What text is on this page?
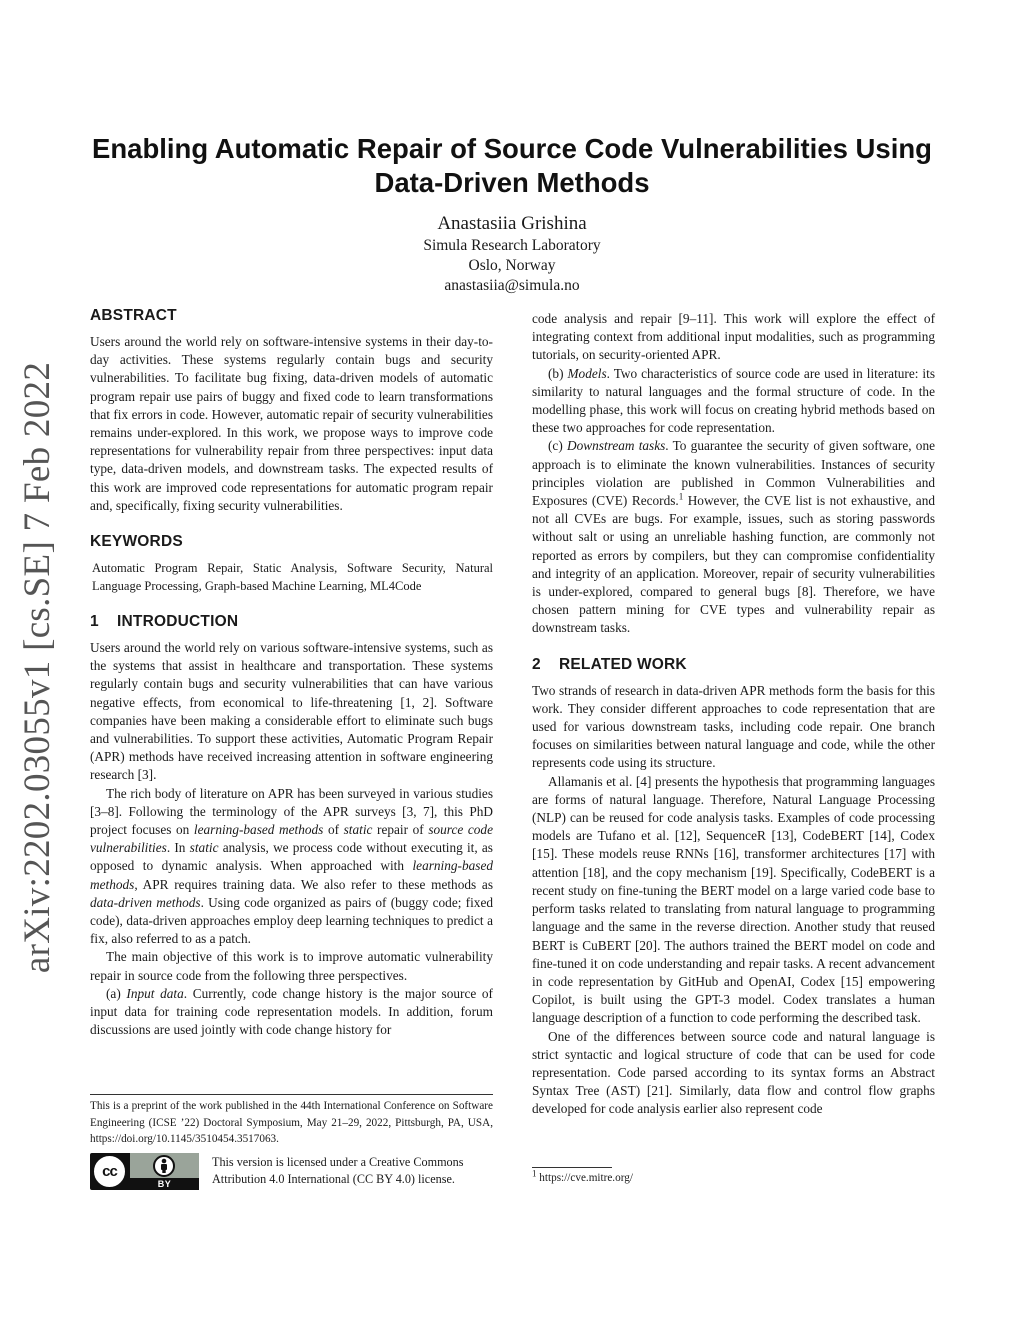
arXiv:2202.03055v1 [cs.SE] 7 Feb 2022
Enabling Automatic Repair of Source Code Vulnerabilities Using Data-Driven Methods
Anastasiia Grishina
Simula Research Laboratory
Oslo, Norway
anastasiia@simula.no
ABSTRACT

Users around the world rely on software-intensive systems in their day-to-day activities. These systems regularly contain bugs and security vulnerabilities. To facilitate bug fixing, data-driven models of automatic program repair use pairs of buggy and fixed code to learn transformations that fix errors in code. However, automatic repair of security vulnerabilities remains under-explored. In this work, we propose ways to improve code representations for vulnerability repair from three perspectives: input data type, data-driven models, and downstream tasks. The expected results of this work are improved code representations for automatic program repair and, specifically, fixing security vulnerabilities.

KEYWORDS

Automatic Program Repair, Static Analysis, Software Security, Natural Language Processing, Graph-based Machine Learning, ML4Code

1 INTRODUCTION

Users around the world rely on various software-intensive systems, such as the systems that assist in healthcare and transportation. These systems regularly contain bugs and security vulnerabilities that can have various negative effects, from economical to life-threatening [1, 2]. Software companies have been making a considerable effort to eliminate such bugs and vulnerabilities. To support these activities, Automatic Program Repair (APR) methods have received increasing attention in software engineering research [3].

The rich body of literature on APR has been surveyed in various studies [3–8]. Following the terminology of the APR surveys [3, 7], this PhD project focuses on learning-based methods of static repair of source code vulnerabilities. In static analysis, we process code without executing it, as opposed to dynamic analysis. When approached with learning-based methods, APR requires training data. We also refer to these methods as data-driven methods. Using code organized as pairs of (buggy code; fixed code), data-driven approaches employ deep learning techniques to predict a fix, also referred to as a patch.

The main objective of this work is to improve automatic vulnerability repair in source code from the following three perspectives.

(a) Input data. Currently, code change history is the major source of input data for training code representation models. In addition, forum discussions are used jointly with code change history for

code analysis and repair [9–11]. This work will explore the effect of integrating context from additional input modalities, such as programming tutorials, on security-oriented APR.

(b) Models. Two characteristics of source code are used in literature: its similarity to natural languages and the formal structure of code. In the modelling phase, this work will focus on creating hybrid methods based on these two approaches for code representation.

(c) Downstream tasks. To guarantee the security of given software, one approach is to eliminate the known vulnerabilities. Instances of security principles violation are published in Common Vulnerabilities and Exposures (CVE) Records.$^1$ However, the CVE list is not exhaustive, and not all CVEs are bugs. For example, issues, such as storing passwords without salt or using an unreliable hashing function, are commonly not reported as errors by compilers, but they can compromise confidentiality and integrity of an application. Moreover, repair of security vulnerabilities is under-explored, compared to general bugs [8]. Therefore, we have chosen pattern mining for CVE types and vulnerability repair as downstream tasks.

2 RELATED WORK

Two strands of research in data-driven APR methods form the basis for this work. They consider different approaches to code representation that are used for various downstream tasks, including code repair. One branch focuses on similarities between natural language and code, while the other represents code using its structure.

Allamanis et al. [4] presents the hypothesis that programming languages are forms of natural language. Therefore, Natural Language Processing (NLP) can be reused for code analysis tasks. Examples of code processing models are Tufano et al. [12], SequenceR [13], CodeBERT [14], Codex [15]. These models reuse RNNs [16], transformer architectures [17] with attention [18], and the copy mechanism [19]. Specifically, CodeBERT is a recent study on fine-tuning the BERT model on a large varied code base to perform tasks related to translating from natural language to programming language and the same in the reverse direction. Another study that reused BERT is CuBERT [20]. The authors trained the BERT model on code and fine-tuned it on code understanding and repair tasks. A recent advancement in code representation by GitHub and OpenAI, Codex [15] empowering Copilot, is built using the GPT-3 model. Codex translates a human language description of a function to code performing the described task.

One of the differences between source code and natural language is strict syntactic and logical structure of code that can be used for code representation. Code parsed according to its syntax forms an Abstract Syntax Tree (AST) [21]. Similarly, data flow and control flow graphs developed for code analysis earlier also represent code

This is a preprint of the work published in the 44th International Conference on Software Engineering (ICSE ’22) Doctoral Symposium, May 21–29, 2022, Pittsburgh, PA, USA, https://doi.org/10.1145/3510454.3517063.
cc
BY
This version is licensed under a Creative Commons Attribution 4.0 International (CC BY 4.0) license.	$^1$ https://cve.mitre.org/
